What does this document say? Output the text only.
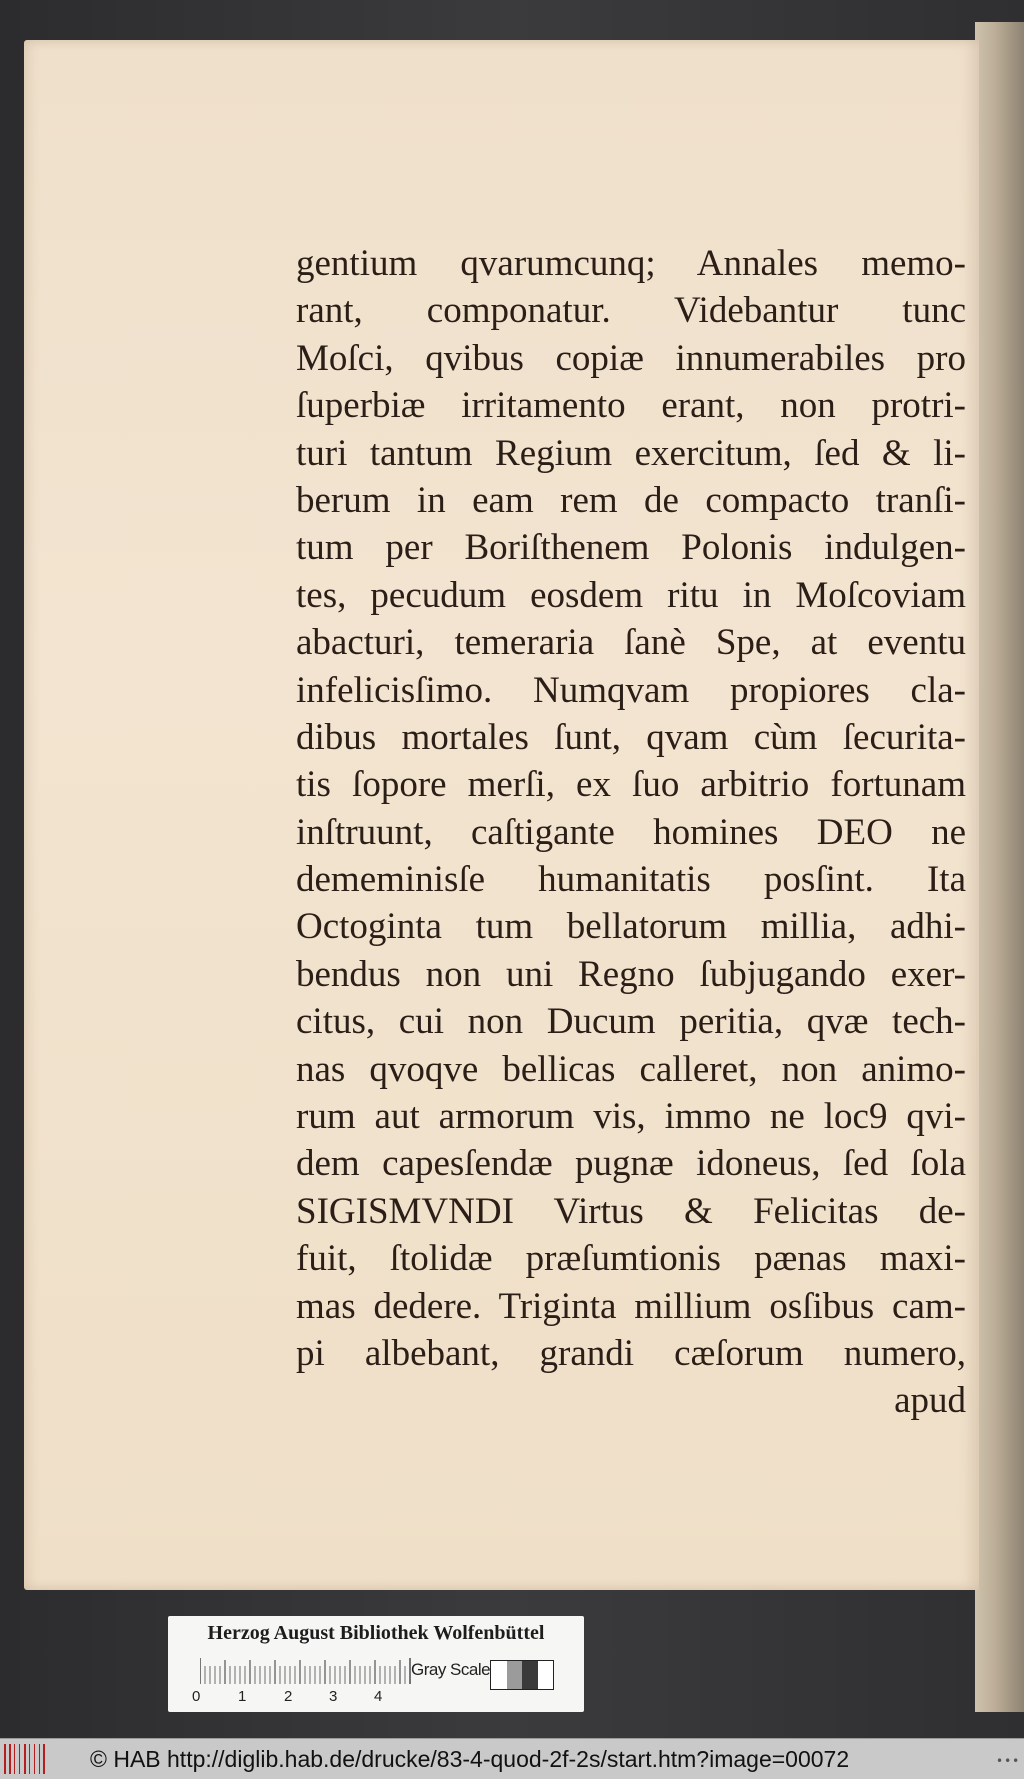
gentium qvarumcunq; Annales memo-
rant, componatur. Videbantur tunc
Moſci, qvibus copiæ innumerabiles pro
ſuperbiæ irritamento erant, non protri-
turi tantum Regium exercitum, ſed & li-
berum in eam rem de compacto tranſi-
tum per Boriſthenem Polonis indulgen-
tes, pecudum eosdem ritu in Moſcoviam
abacturi, temeraria ſanè Spe, at eventu
infelicisſimo. Numqvam propiores cla-
dibus mortales ſunt, qvam cùm ſecurita-
tis ſopore merſi, ex ſuo arbitrio fortunam
inſtruunt, caſtigante homines DEO ne
dememinisſe humanitatis posſint. Ita
Octoginta tum bellatorum millia, adhi-
bendus non uni Regno ſubjugando exer-
citus, cui non Ducum peritia, qvæ tech-
nas qvoqve bellicas calleret, non animo-
rum aut armorum vis, immo ne loc9 qvi-
dem capesſendæ pugnæ idoneus, ſed ſola
SIGISMVNDI Virtus & Felicitas de-
fuit, ſtolidæ præſumtionis pænas maxi-
mas dedere. Triginta millium osſibus cam-
pi albebant, grandi cæſorum numero,
apud
Herzog August Bibliothek Wolfenbüttel
0	1	2 3 4
Gray Scale
© HAB http://diglib.hab.de/drucke/83-4-quod-2f-2s/start.htm?image=00072	•••
